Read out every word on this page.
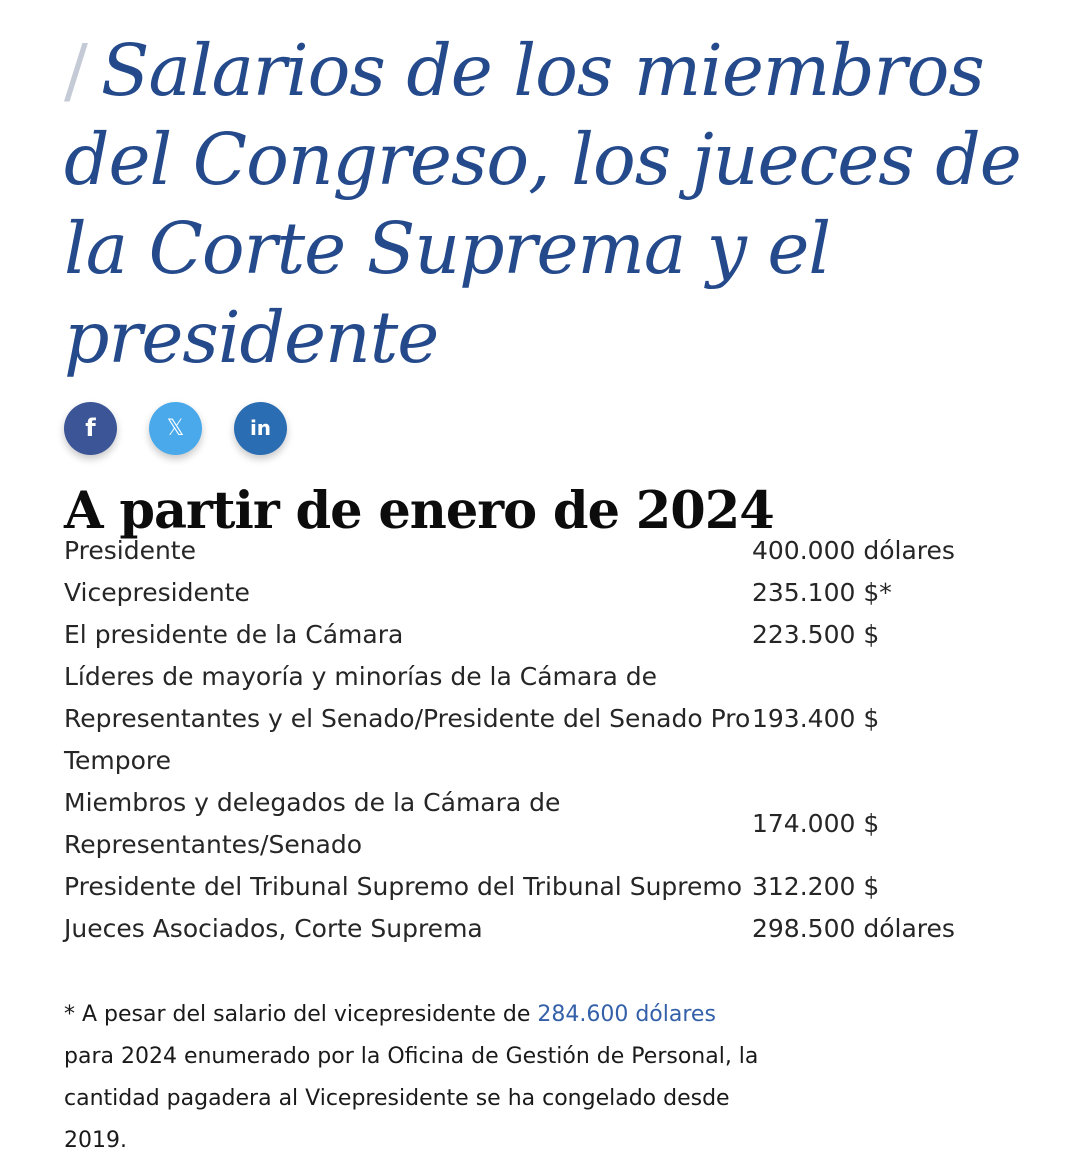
/ Salarios de los miembros del Congreso, los jueces de la Corte Suprema y el presidente
f	𝕏	in
A partir de enero de 2024
Presidente	400.000 dólares
Vicepresidente	235.100 $*
El presidente de la Cámara	223.500 $
Líderes de mayoría y minorías de la Cámara de Representantes y el Senado/Presidente del Senado Pro Tempore	193.400 $
Miembros y delegados de la Cámara de Representantes/Senado	174.000 $
Presidente del Tribunal Supremo del Tribunal Supremo	312.200 $
Jueces Asociados, Corte Suprema	298.500 dólares

* A pesar del salario del vicepresidente de 284.600 dólares para 2024 enumerado por la Oficina de Gestión de Personal, la cantidad pagadera al Vicepresidente se ha congelado desde 2019.
